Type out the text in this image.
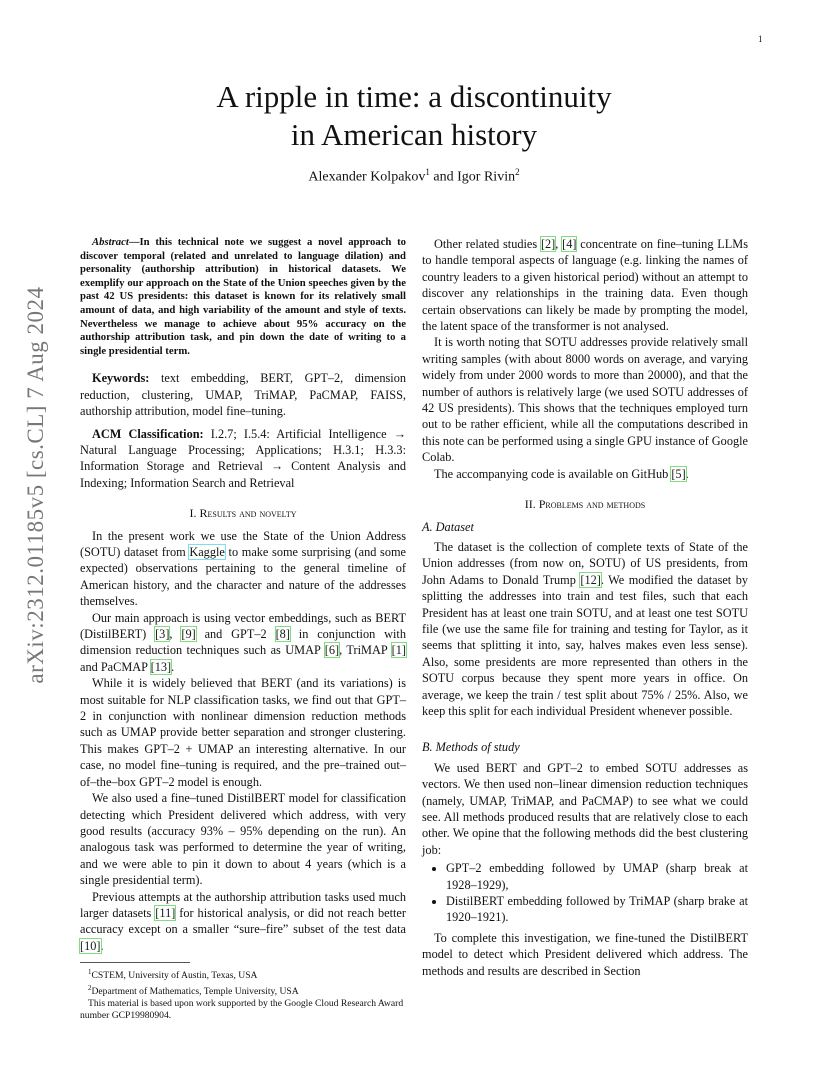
1
arXiv:2312.01185v5 [cs.CL] 7 Aug 2024
A ripple in time: a discontinuity
in American history
Alexander Kolpakov$^1$ and Igor Rivin$^2$

Abstract—In this technical note we suggest a novel approach to discover temporal (related and unrelated to language dilation) and personality (authorship attribution) in historical datasets. We exemplify our approach on the State of the Union speeches given by the past 42 US presidents: this dataset is known for its relatively small amount of data, and high variability of the amount and style of texts. Nevertheless we manage to achieve about 95% accuracy on the authorship attribution task, and pin down the date of writing to a single presidential term.

Keywords: text embedding, BERT, GPT–2, dimension reduction, clustering, UMAP, TriMAP, PaCMAP, FAISS, authorship attribution, model fine–tuning.

ACM Classification: I.2.7; I.5.4: Artificial Intelligence → Natural Language Processing; Applications; H.3.1; H.3.3: Information Storage and Retrieval → Content Analysis and Indexing; Information Search and Retrieval

I. Results and novelty

In the present work we use the State of the Union Address (SOTU) dataset from Kaggle to make some surprising (and some expected) observations pertaining to the general timeline of American history, and the character and nature of the addresses themselves.

Our main approach is using vector embeddings, such as BERT (DistilBERT) [3], [9] and GPT–2 [8] in conjunction with dimension reduction techniques such as UMAP [6], TriMAP [1] and PaCMAP [13].

While it is widely believed that BERT (and its variations) is most suitable for NLP classification tasks, we find out that GPT–2 in conjunction with nonlinear dimension reduction methods such as UMAP provide better separation and stronger clustering. This makes GPT–2 + UMAP an interesting alternative. In our case, no model fine–tuning is required, and the pre–trained out–of–the–box GPT–2 model is enough.

We also used a fine–tuned DistilBERT model for classification detecting which President delivered which address, with very good results (accuracy 93% – 95% depending on the run). An analogous task was performed to determine the year of writing, and we were able to pin it down to about 4 years (which is a single presidential term).

Previous attempts at the authorship attribution tasks used much larger datasets [11] for historical analysis, or did not reach better accuracy except on a smaller “sure–fire” subset of the test data [10].

$^1$CSTEM, University of Austin, Texas, USA
$^2$Department of Mathematics, Temple University, USA
This material is based upon work supported by the Google Cloud Research Award number GCP19980904.

Other related studies [2], [4] concentrate on fine–tuning LLMs to handle temporal aspects of language (e.g. linking the names of country leaders to a given historical period) without an attempt to discover any relationships in the training data. Even though certain observations can likely be made by prompting the model, the latent space of the transformer is not analysed.

It is worth noting that SOTU addresses provide relatively small writing samples (with about 8000 words on average, and varying widely from under 2000 words to more than 20000), and that the number of authors is relatively large (we used SOTU addresses of 42 US presidents). This shows that the techniques employed turn out to be rather efficient, while all the computations described in this note can be performed using a single GPU instance of Google Colab.

The accompanying code is available on GitHub [5].

II. Problems and methods
A. Dataset

The dataset is the collection of complete texts of State of the Union addresses (from now on, SOTU) of US presidents, from John Adams to Donald Trump [12]. We modified the dataset by splitting the addresses into train and test files, such that each President has at least one train SOTU, and at least one test SOTU file (we use the same file for training and testing for Taylor, as it seems that splitting it into, say, halves makes even less sense). Also, some presidents are more represented than others in the SOTU corpus because they spent more years in office. On average, we keep the train / test split about 75% / 25%. Also, we keep this split for each individual President whenever possible.

B. Methods of study

We used BERT and GPT–2 to embed SOTU addresses as vectors. We then used non–linear dimension reduction techniques (namely, UMAP, TriMAP, and PaCMAP) to see what we could see. All methods produced results that are relatively close to each other. We opine that the following methods did the best clustering job:

• GPT–2 embedding followed by UMAP (sharp break at 1928–1929),
• DistilBERT embedding followed by TriMAP (sharp brake at 1920–1921).

To complete this investigation, we fine-tuned the DistilBERT model to detect which President delivered which address. The methods and results are described in Section
